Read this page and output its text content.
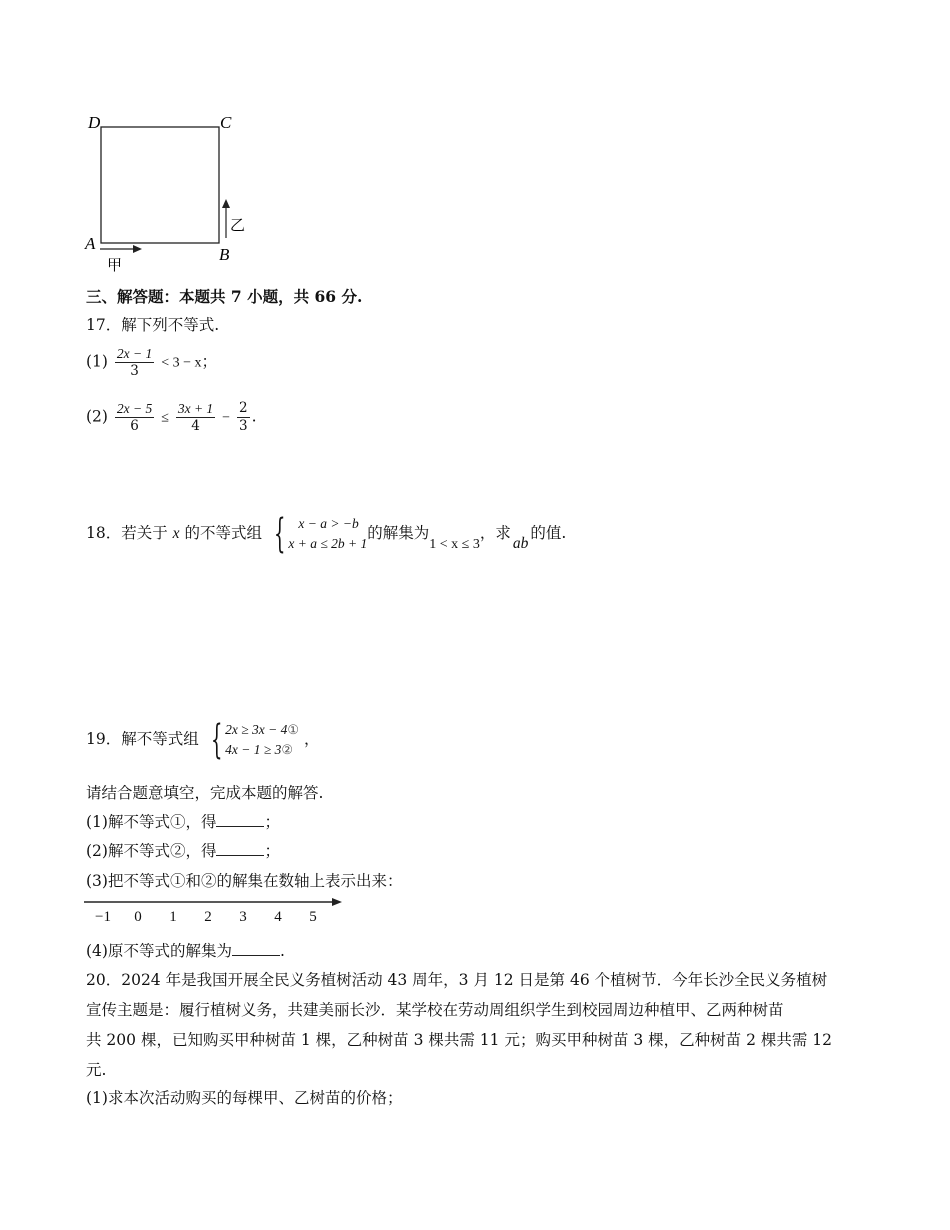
D	C
A
B
甲
乙
三、解答题：本题共 7 小题，共 66 分.
17．解下列不等式.
$(1) \frac{2x - 1}{3} < 3 - x$；
$(2) \frac{2x - 5}{6} \le \frac{3x + 1}{4} - \frac{2}{3}$ .
18．若关于 x 的不等式组 { x − a > −b
x + a ≤ 2b + 1
的解集为1 < x ≤ 3，求ab的值.
19．解不等式组 { 2x ≥ 3x − 4①
4x − 1 ≥ 3②
，
请结合题意填空，完成本题的解答.
(1)解不等式①，得	；
(2)解不等式②，得	；
(3)把不等式①和②的解集在数轴上表示出来：
−1 0 1 2 3 4 5
(4)原不等式的解集为	.
20．2024 年是我国开展全民义务植树活动 43 周年，3 月 12 日是第 46 个植树节．今年长沙全民义务植树
宣传主题是：履行植树义务，共建美丽长沙．某学校在劳动周组织学生到校园周边种植甲、乙两种树苗
共 200 棵，已知购买甲种树苗 1 棵，乙种树苗 3 棵共需 11 元；购买甲种树苗 3 棵，乙种树苗 2 棵共需 12
元.
(1)求本次活动购买的每棵甲、乙树苗的价格；
